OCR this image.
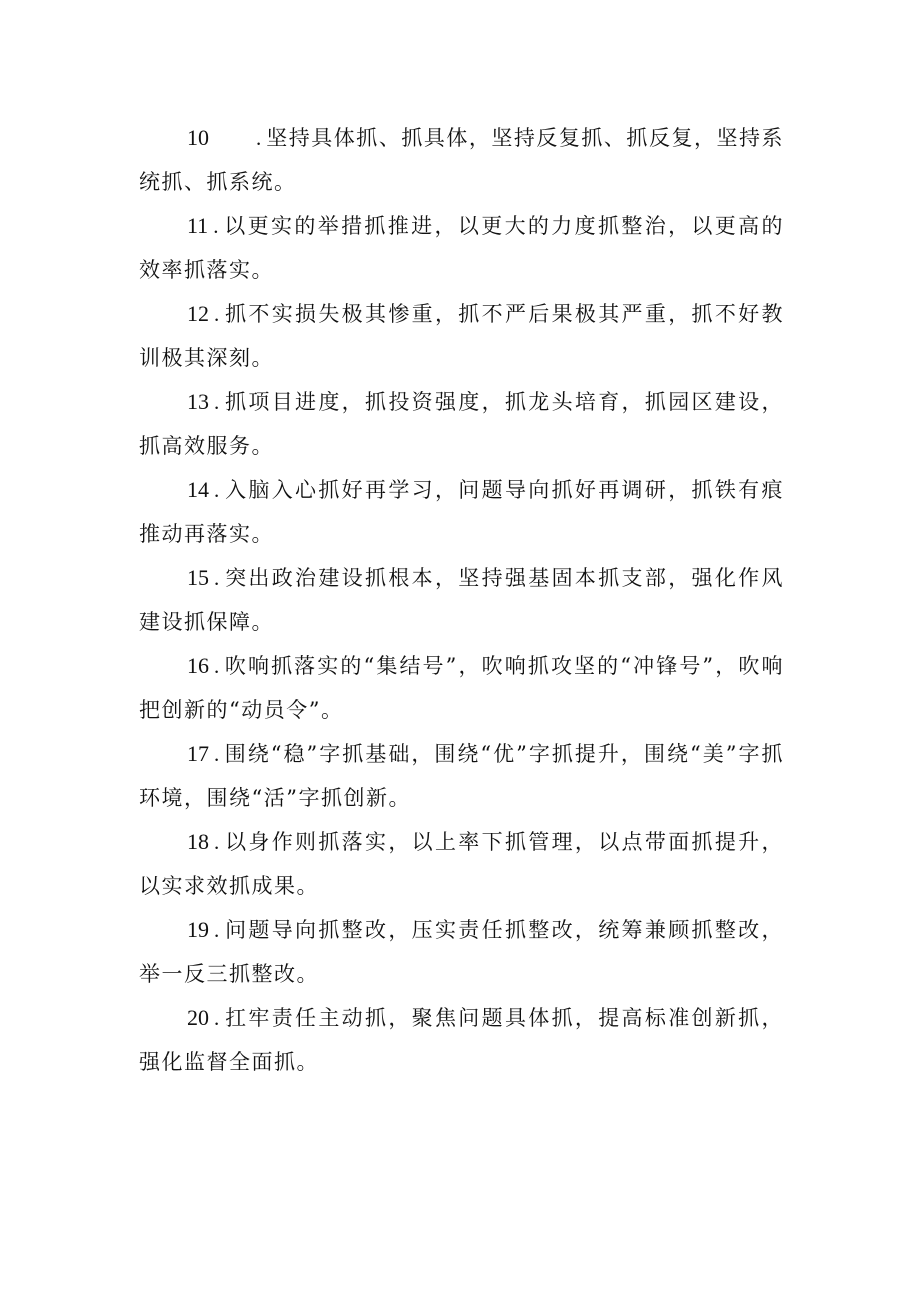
10 . 坚持具体抓、抓具体，坚持反复抓、抓反复，坚持系统抓、抓系统。

11 . 以更实的举措抓推进，以更大的力度抓整治，以更高的效率抓落实。

12 . 抓不实损失极其惨重，抓不严后果极其严重，抓不好教训极其深刻。

13 . 抓项目进度，抓投资强度，抓龙头培育，抓园区建设，抓高效服务。

14 . 入脑入心抓好再学习，问题导向抓好再调研，抓铁有痕推动再落实。

15 . 突出政治建设抓根本，坚持强基固本抓支部，强化作风建设抓保障。

16 . 吹响抓落实的“集结号”，吹响抓攻坚的“冲锋号”，吹响把创新的“动员令”。

17 . 围绕“稳”字抓基础，围绕“优”字抓提升，围绕“美”字抓环境，围绕“活”字抓创新。

18 . 以身作则抓落实，以上率下抓管理，以点带面抓提升，以实求效抓成果。

19 . 问题导向抓整改，压实责任抓整改，统筹兼顾抓整改，举一反三抓整改。

20 . 扛牢责任主动抓，聚焦问题具体抓，提高标准创新抓，强化监督全面抓。
